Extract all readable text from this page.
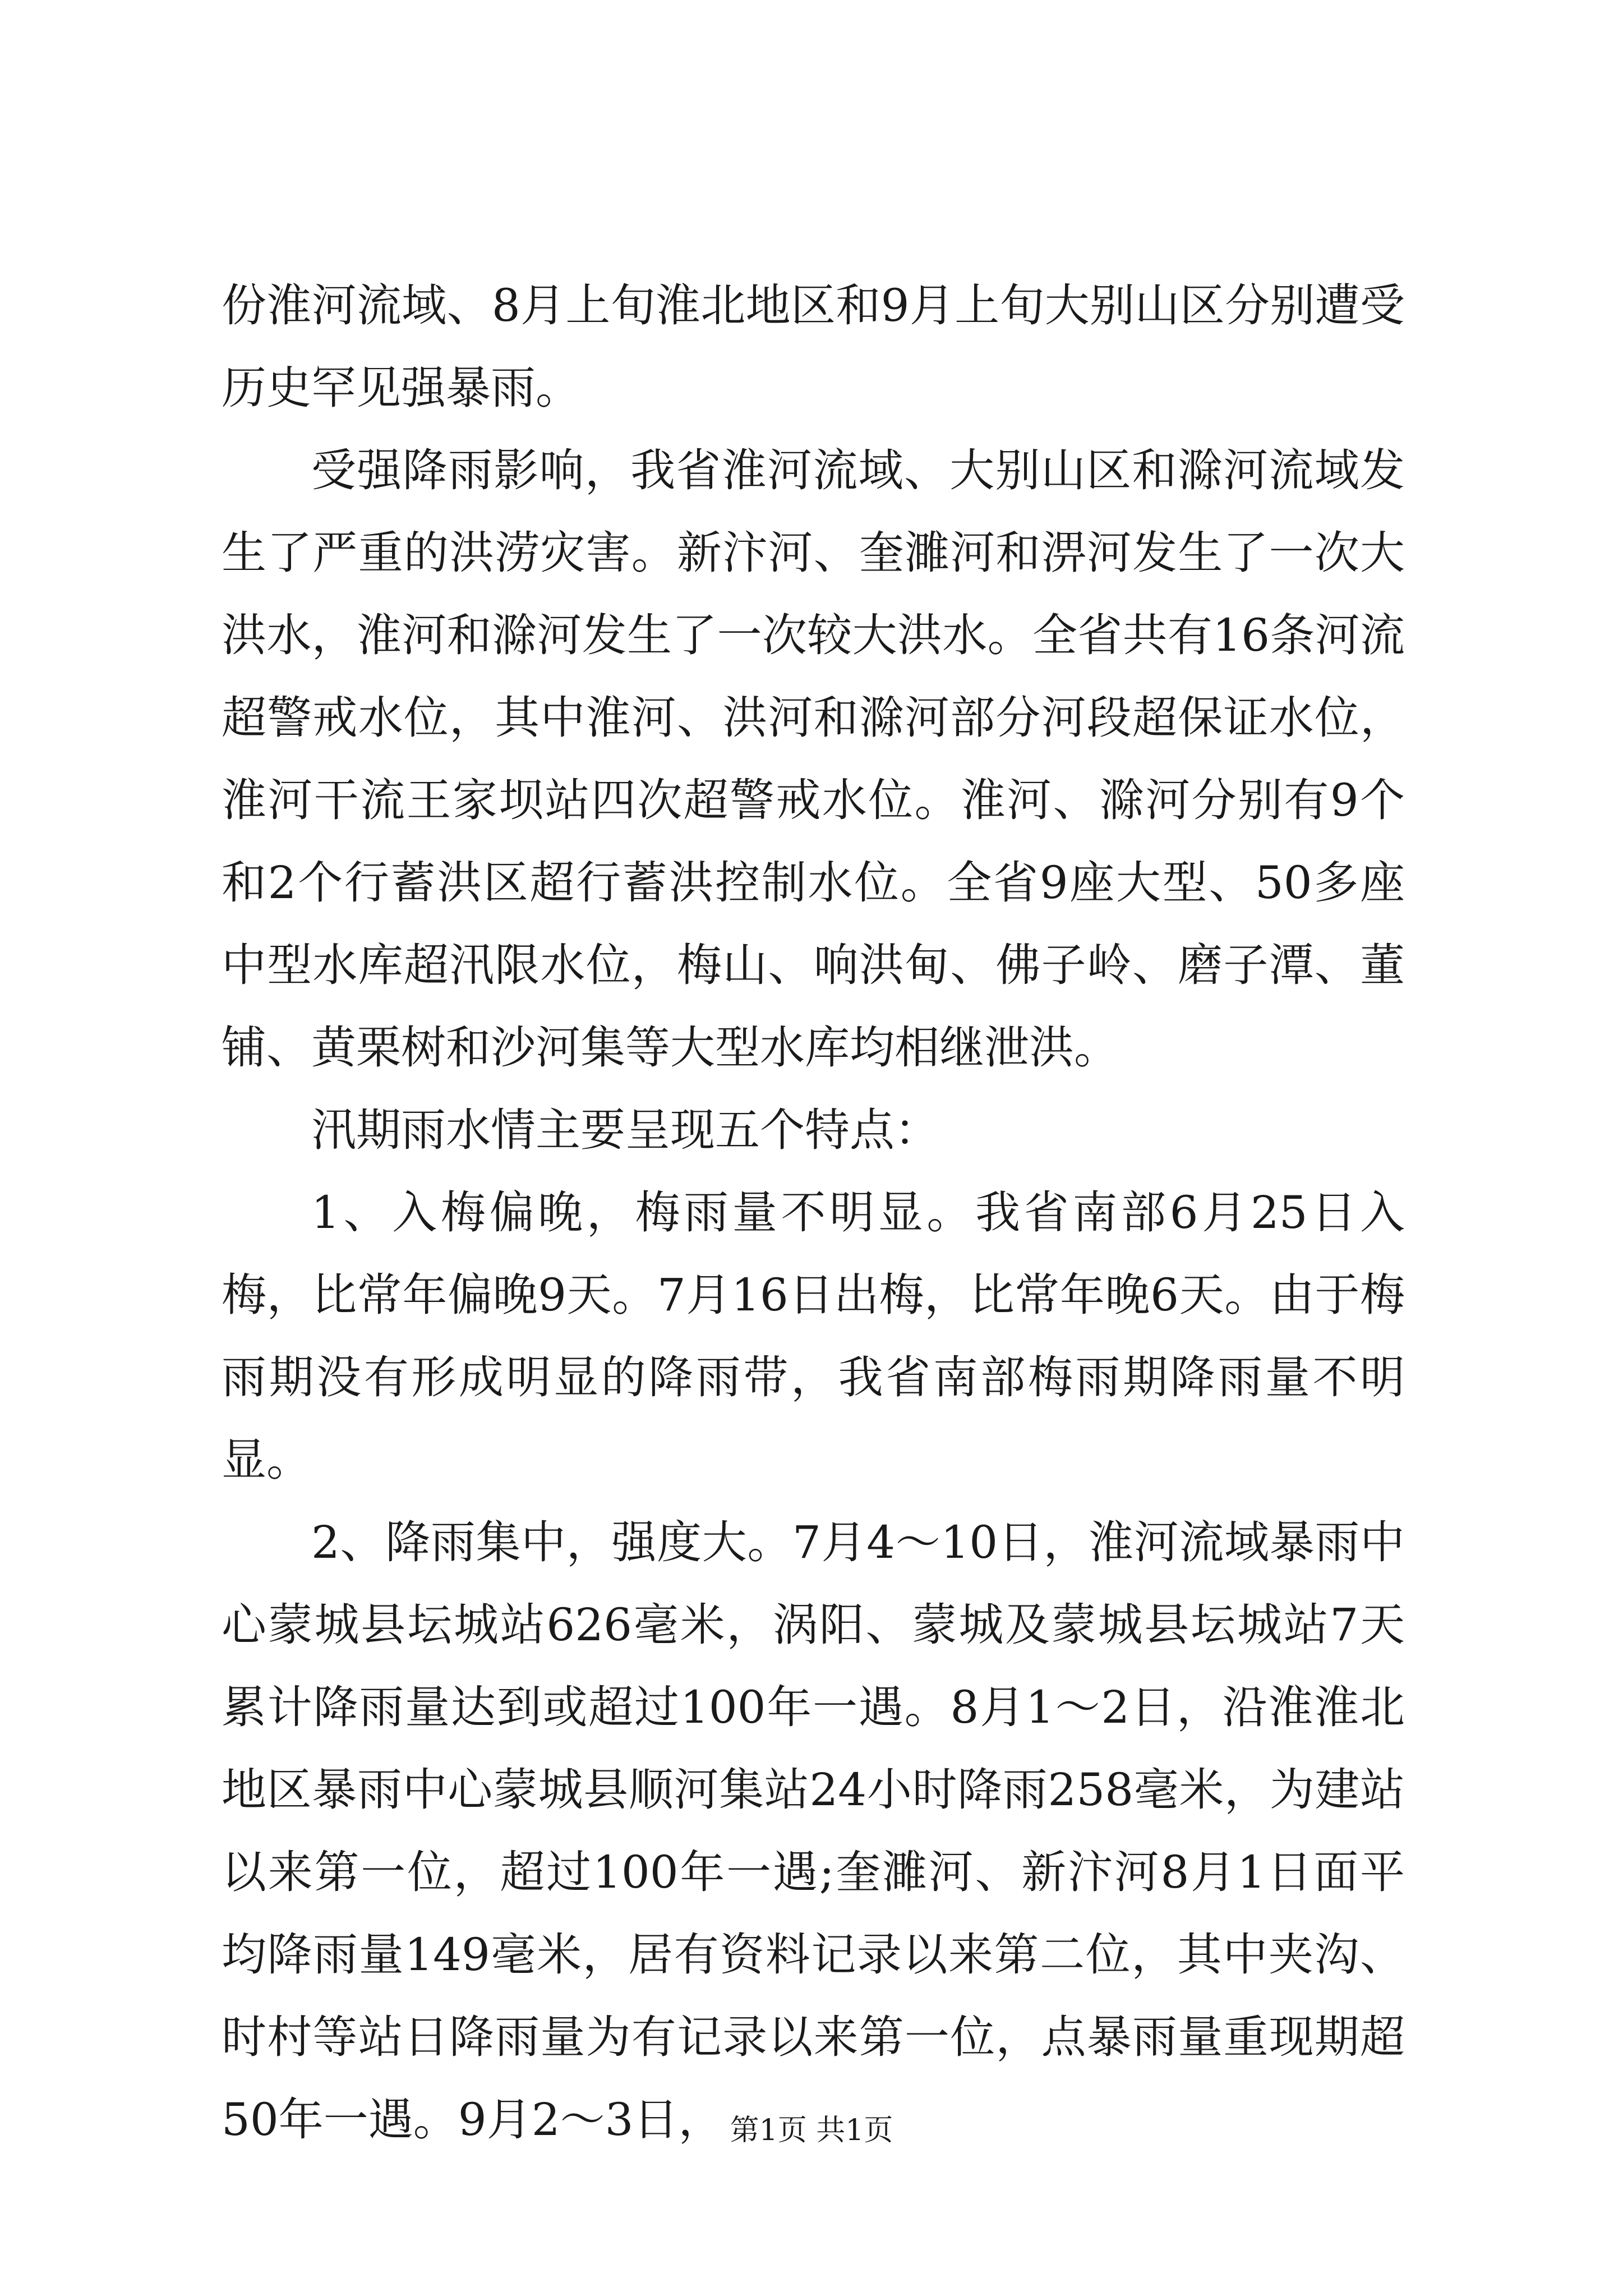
份淮河流域、8月上旬淮北地区和9月上旬大别山区分别遭受历史罕见强暴雨。

受强降雨影响，我省淮河流域、大别山区和滁河流域发生了严重的洪涝灾害。新汴河、奎濉河和淠河发生了一次大洪水，淮河和滁河发生了一次较大洪水。全省共有16条河流超警戒水位，其中淮河、洪河和滁河部分河段超保证水位，淮河干流王家坝站四次超警戒水位。淮河、滁河分别有9个和2个行蓄洪区超行蓄洪控制水位。全省9座大型、50多座中型水库超汛限水位，梅山、响洪甸、佛子岭、磨子潭、董铺、黄栗树和沙河集等大型水库均相继泄洪。

汛期雨水情主要呈现五个特点：

1、入梅偏晚，梅雨量不明显。我省南部6月25日入梅，比常年偏晚9天。7月16日出梅，比常年晚6天。由于梅雨期没有形成明显的降雨带，我省南部梅雨期降雨量不明显。

2、降雨集中，强度大。7月4～10日，淮河流域暴雨中心蒙城县坛城站626毫米，涡阳、蒙城及蒙城县坛城站7天累计降雨量达到或超过100年一遇。8月1～2日，沿淮淮北地区暴雨中心蒙城县顺河集站24小时降雨258毫米，为建站以来第一位，超过100年一遇;奎濉河、新汴河8月1日面平均降雨量149毫米，居有资料记录以来第二位，其中夹沟、时村等站日降雨量为有记录以来第一位，点暴雨量重现期超50年一遇。9月2～3日， 第1页 共1页
